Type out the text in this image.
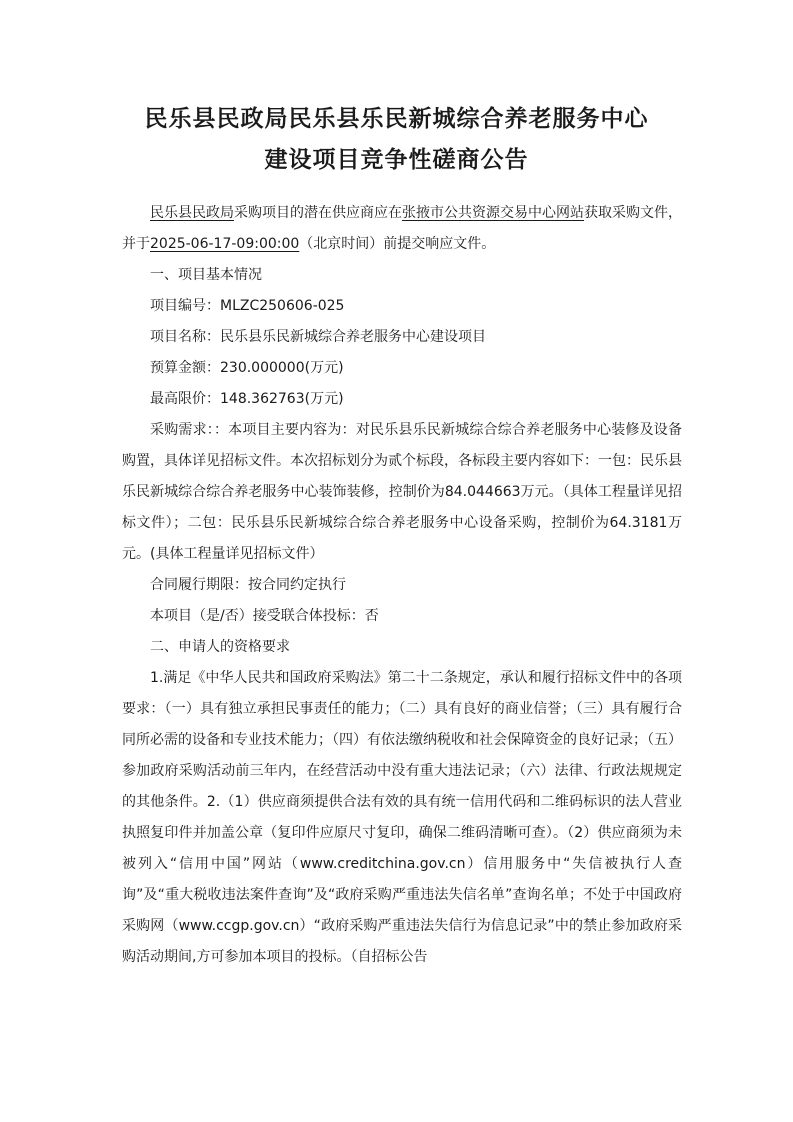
民乐县民政局民乐县乐民新城综合养老服务中心
建设项目竞争性磋商公告

民乐县民政局采购项目的潜在供应商应在张掖市公共资源交易中心网站获取采购文件，并于2025-06-17-09:00:00（北京时间）前提交响应文件。

一、项目基本情况

项目编号：MLZC250606-025

项目名称：民乐县乐民新城综合养老服务中心建设项目

预算金额：230.000000(万元)

最高限价：148.362763(万元)

采购需求：：本项目主要内容为：对民乐县乐民新城综合综合养老服务中心装修及设备购置，具体详见招标文件。本次招标划分为贰个标段，各标段主要内容如下：一包：民乐县乐民新城综合综合养老服务中心装饰装修，控制价为84.044663万元。（具体工程量详见招标文件）；二包：民乐县乐民新城综合综合养老服务中心设备采购，控制价为64.3181万元。(具体工程量详见招标文件）

合同履行期限：按合同约定执行

本项目（是/否）接受联合体投标：否

二、申请人的资格要求

1.满足《中华人民共和国政府采购法》第二十二条规定，承认和履行招标文件中的各项要求：（一）具有独立承担民事责任的能力；（二）具有良好的商业信誉；（三）具有履行合同所必需的设备和专业技术能力；（四）有依法缴纳税收和社会保障资金的良好记录；（五）参加政府采购活动前三年内，在经营活动中没有重大违法记录；（六）法律、行政法规规定的其他条件。2.（1）供应商须提供合法有效的具有统一信用代码和二维码标识的法人营业执照复印件并加盖公章（复印件应原尺寸复印，确保二维码清晰可查）。（2）供应商须为未被列入“信用中国”网站（www.creditchina.gov.cn）信用服务中“失信被执行人查询”及“重大税收违法案件查询”及“政府采购严重违法失信名单”查询名单；不处于中国政府采购网（www.ccgp.gov.cn）“政府采购严重违法失信行为信息记录”中的禁止参加政府采购活动期间,方可参加本项目的投标。（自招标公告
